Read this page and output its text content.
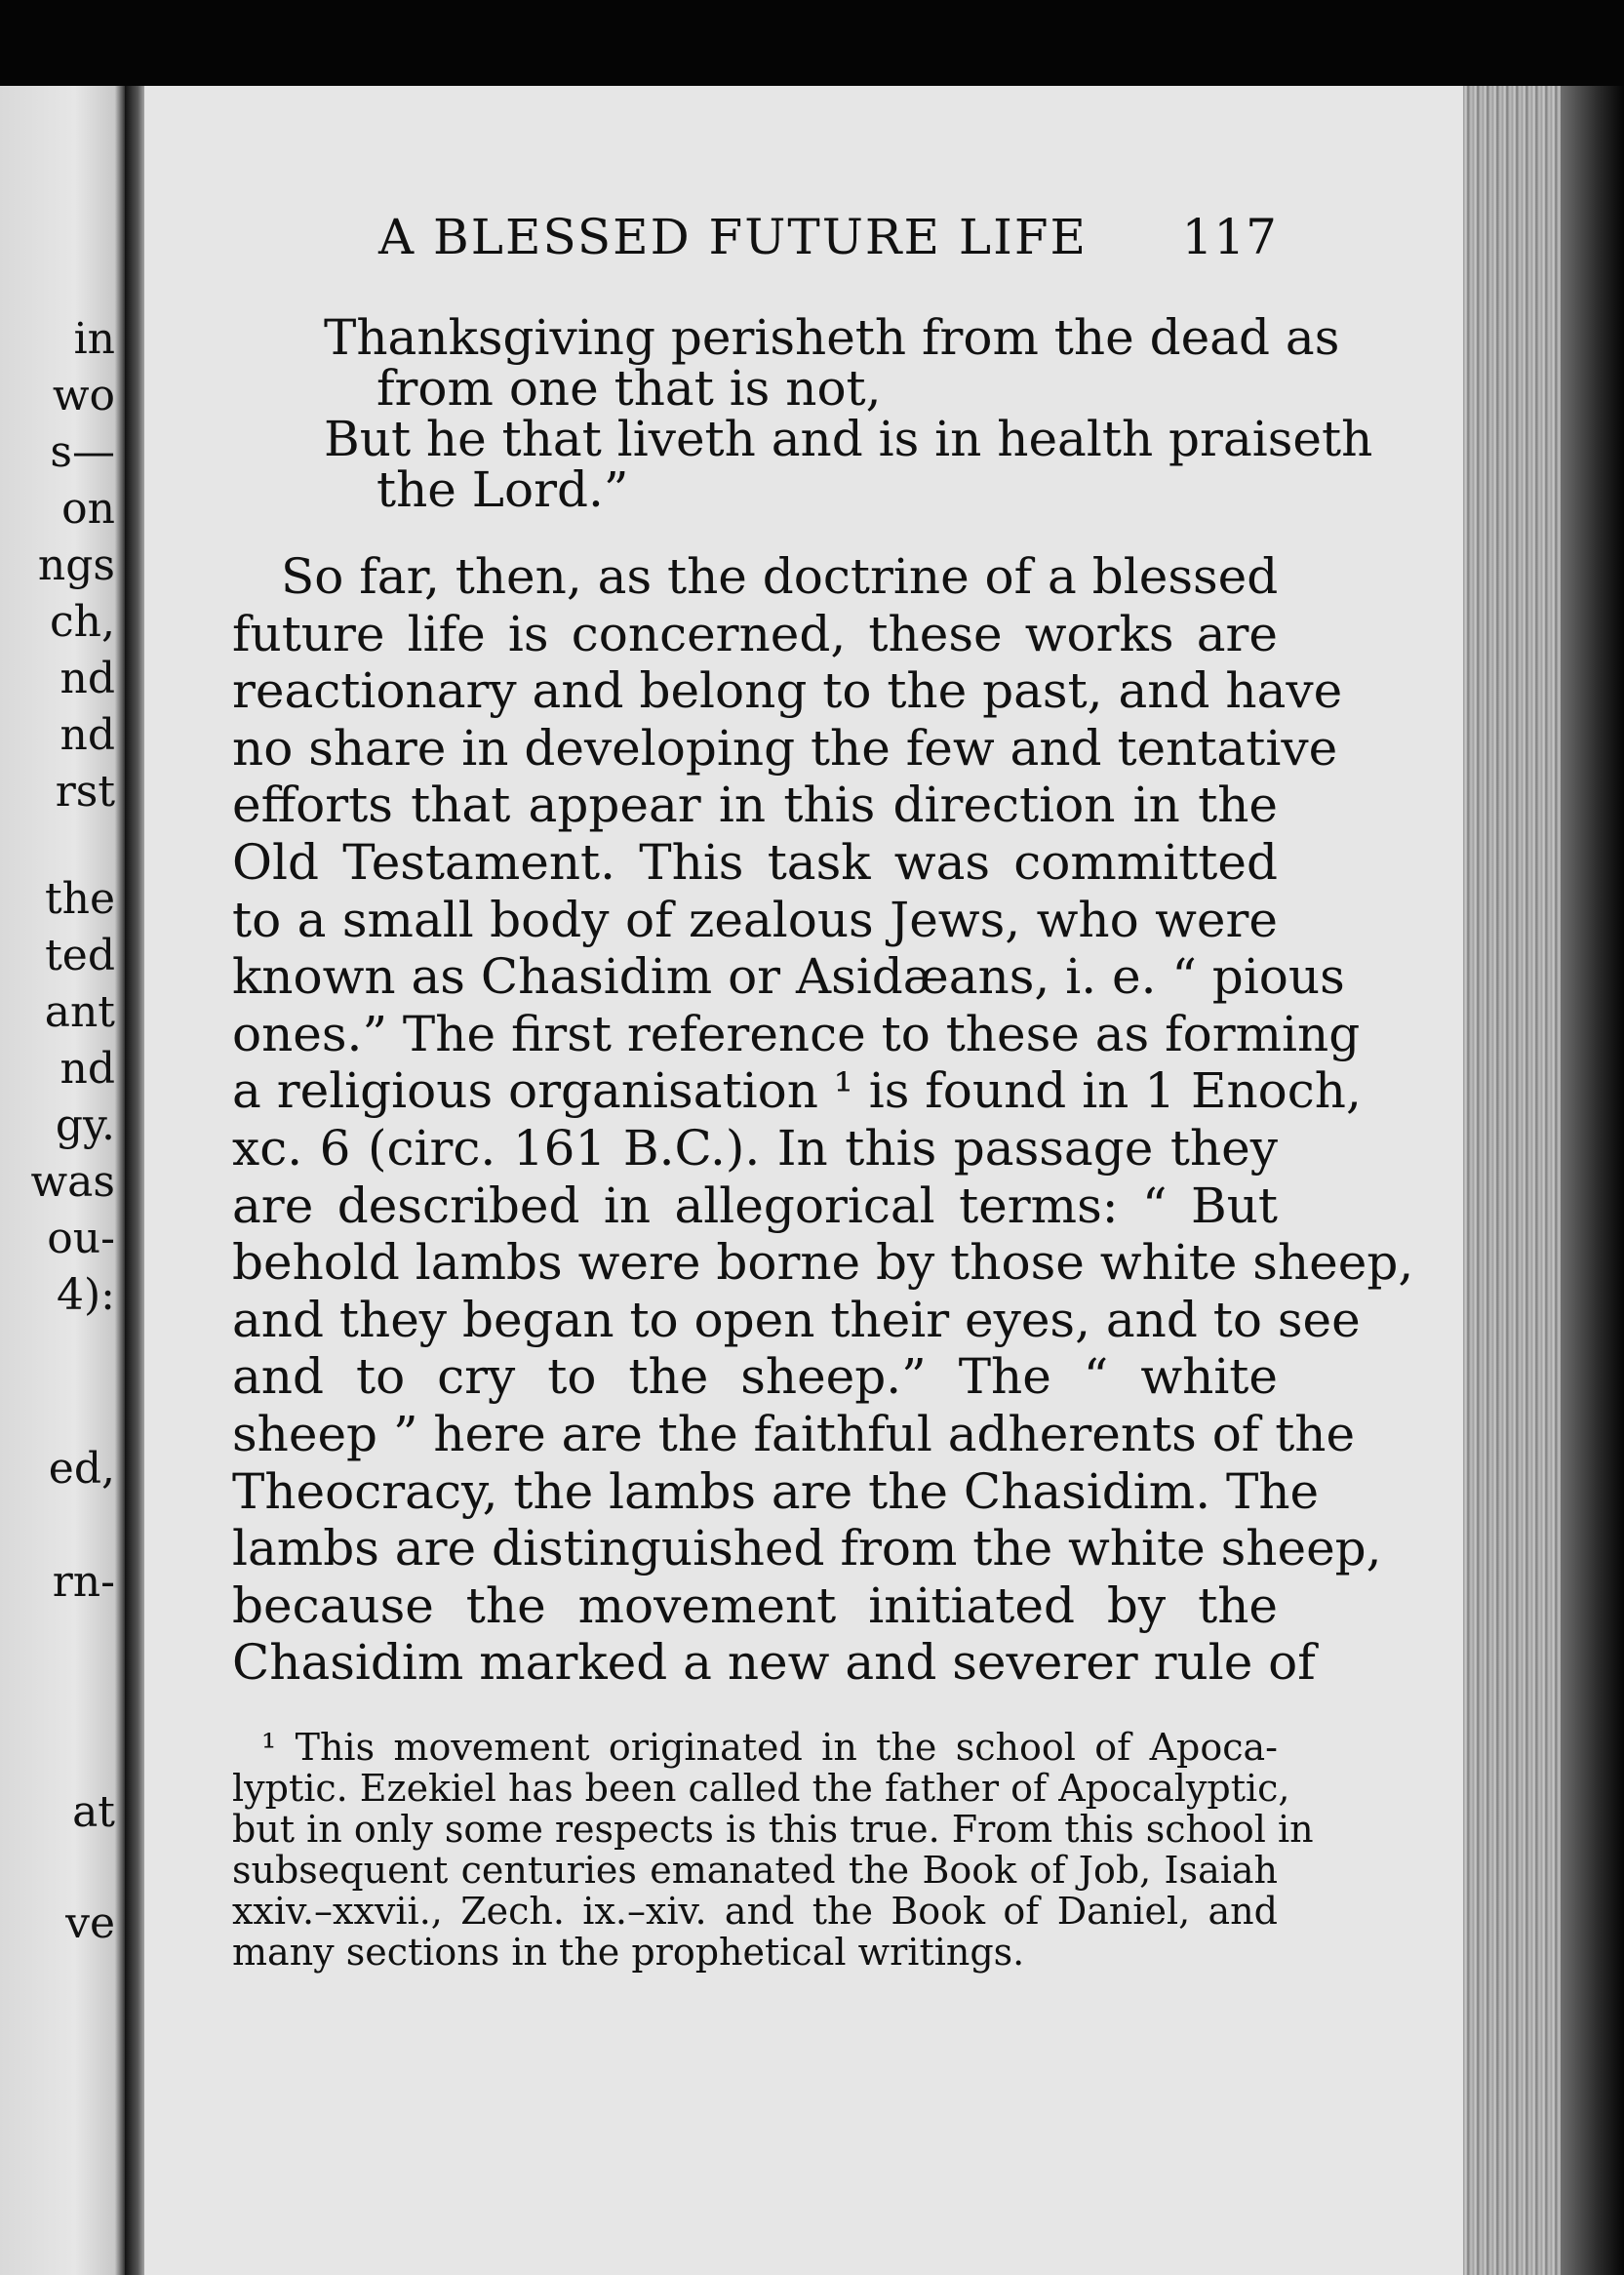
in
wo
s—
on
ngs
ch,
nd
nd
rst
the
ted
ant
nd
gy.
was
ou-
4):
ed,
rn-
at
ve
A BLESSED FUTURE LIFE 117
Thanksgiving perisheth from the dead as
from one that is not,
But he that liveth and is in health praiseth
the Lord.”
So far, then, as the doctrine of a blessed
future life is concerned, these works are
reactionary and belong to the past, and have
no share in developing the few and tentative
efforts that appear in this direction in the
Old Testament. This task was committed
to a small body of zealous Jews, who were
known as Chasidim or Asidæans, i. e. “ pious
ones.” The first reference to these as forming
a religious organisation ¹ is found in 1 Enoch,
xc. 6 (circ. 161 B.C.). In this passage they
are described in allegorical terms: “ But
behold lambs were borne by those white sheep,
and they began to open their eyes, and to see
and to cry to the sheep.” The “ white
sheep ” here are the faithful adherents of the
Theocracy, the lambs are the Chasidim. The
lambs are distinguished from the white sheep,
because the movement initiated by the
Chasidim marked a new and severer rule of
¹ This movement originated in the school of Apoca-
lyptic. Ezekiel has been called the father of Apocalyptic,
but in only some respects is this true. From this school in
subsequent centuries emanated the Book of Job, Isaiah
xxiv.–xxvii., Zech. ix.–xiv. and the Book of Daniel, and
many sections in the prophetical writings.
